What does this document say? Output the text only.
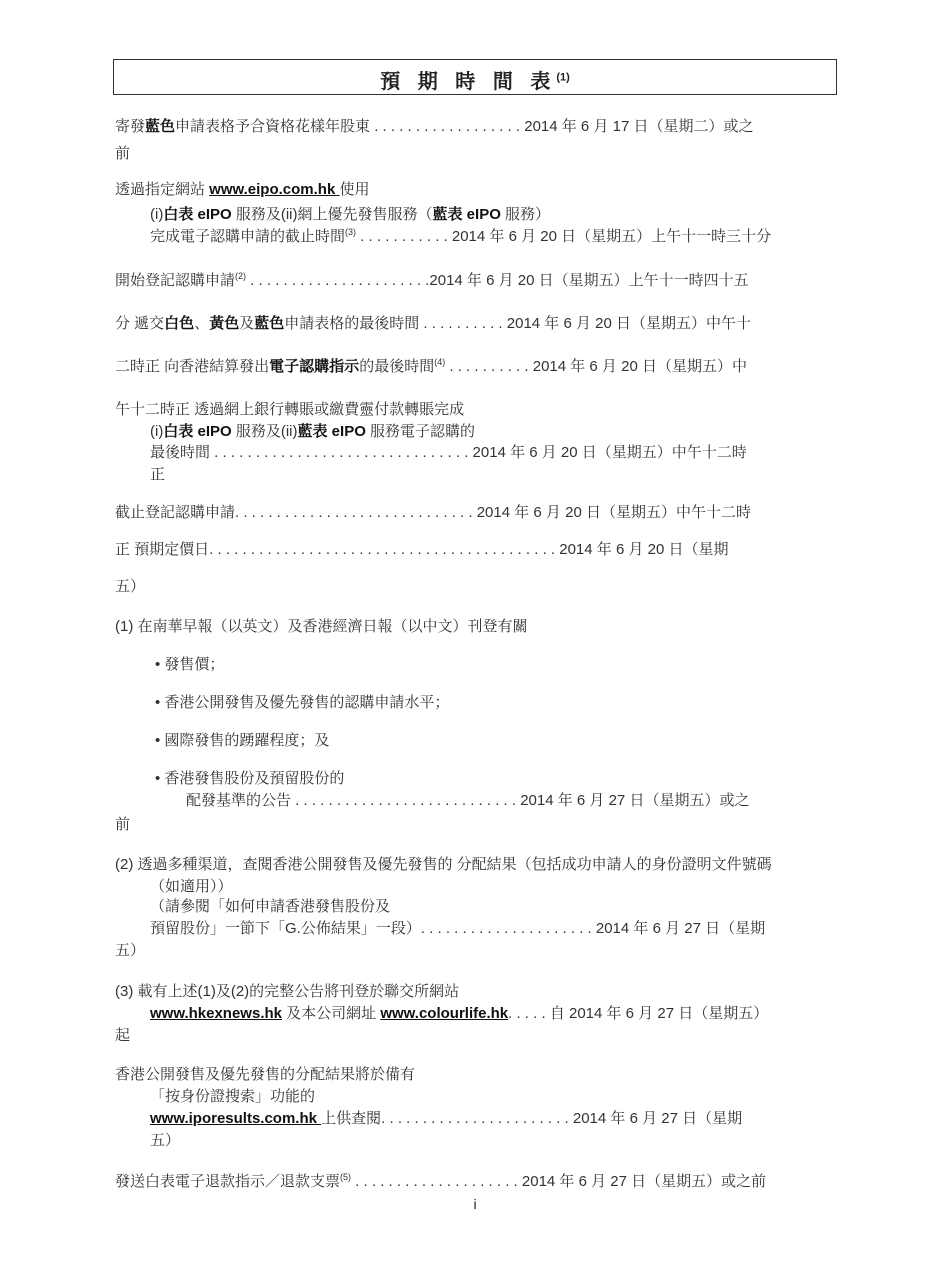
預 期 時 間 表$^{(1)}$
寄發藍色申請表格予合資格花樣年股東 . . . . . . . . . . . . . . . . . . 2014 年 6 月 17 日（星期二）或之
前
透過指定網站 www.eipo.com.hk 使用
(i)白表 eIPO 服務及(ii)網上優先發售服務（藍表 eIPO 服務）
完成電子認購申請的截止時間$^{(3)}$ . . . . . . . . . . . 2014 年 6 月 20 日（星期五）上午十一時三十分
開始登記認購申請$^{(2)}$ . . . . . . . . . . . . . . . . . . . . . .2014 年 6 月 20 日（星期五）上午十一時四十五
分 遞交白色、黃色及藍色申請表格的最後時間 . . . . . . . . . . 2014 年 6 月 20 日（星期五）中午十
二時正 向香港結算發出電子認購指示的最後時間$^{(4)}$ . . . . . . . . . . 2014 年 6 月 20 日（星期五）中
午十二時正 透過網上銀行轉賬或繳費靈付款轉賬完成
(i)白表 eIPO 服務及(ii)藍表 eIPO 服務電子認購的
最後時間 . . . . . . . . . . . . . . . . . . . . . . . . . . . . . . . 2014 年 6 月 20 日（星期五）中午十二時
正
截止登記認購申請. . . . . . . . . . . . . . . . . . . . . . . . . . . . . 2014 年 6 月 20 日（星期五）中午十二時
正 預期定價日. . . . . . . . . . . . . . . . . . . . . . . . . . . . . . . . . . . . . . . . . . 2014 年 6 月 20 日（星期
五）
(1) 在南華早報（以英文）及香港經濟日報（以中文）刊登有關
• 發售價；
• 香港公開發售及優先發售的認購申請水平；
• 國際發售的踴躍程度；及
• 香港發售股份及預留股份的
配發基準的公告 . . . . . . . . . . . . . . . . . . . . . . . . . . . 2014 年 6 月 27 日（星期五）或之
前
(2) 透過多種渠道，查閱香港公開發售及優先發售的 分配結果（包括成功申請人的身份證明文件號碼
（如適用））
（請參閱「如何申請香港發售股份及
預留股份」一節下「G.公佈結果」一段）. . . . . . . . . . . . . . . . . . . . . 2014 年 6 月 27 日（星期
五）
(3) 載有上述(1)及(2)的完整公告將刊登於聯交所網站
www.hkexnews.hk 及本公司網址 www.colourlife.hk. . . . . 自 2014 年 6 月 27 日（星期五）
起
香港公開發售及優先發售的分配結果將於備有
「按身份證搜索」功能的
www.iporesults.com.hk 上供查閱. . . . . . . . . . . . . . . . . . . . . . . 2014 年 6 月 27 日（星期
五）
發送白表電子退款指示／退款支票$^{(5)}$ . . . . . . . . . . . . . . . . . . . . 2014 年 6 月 27 日（星期五）或之前
i
